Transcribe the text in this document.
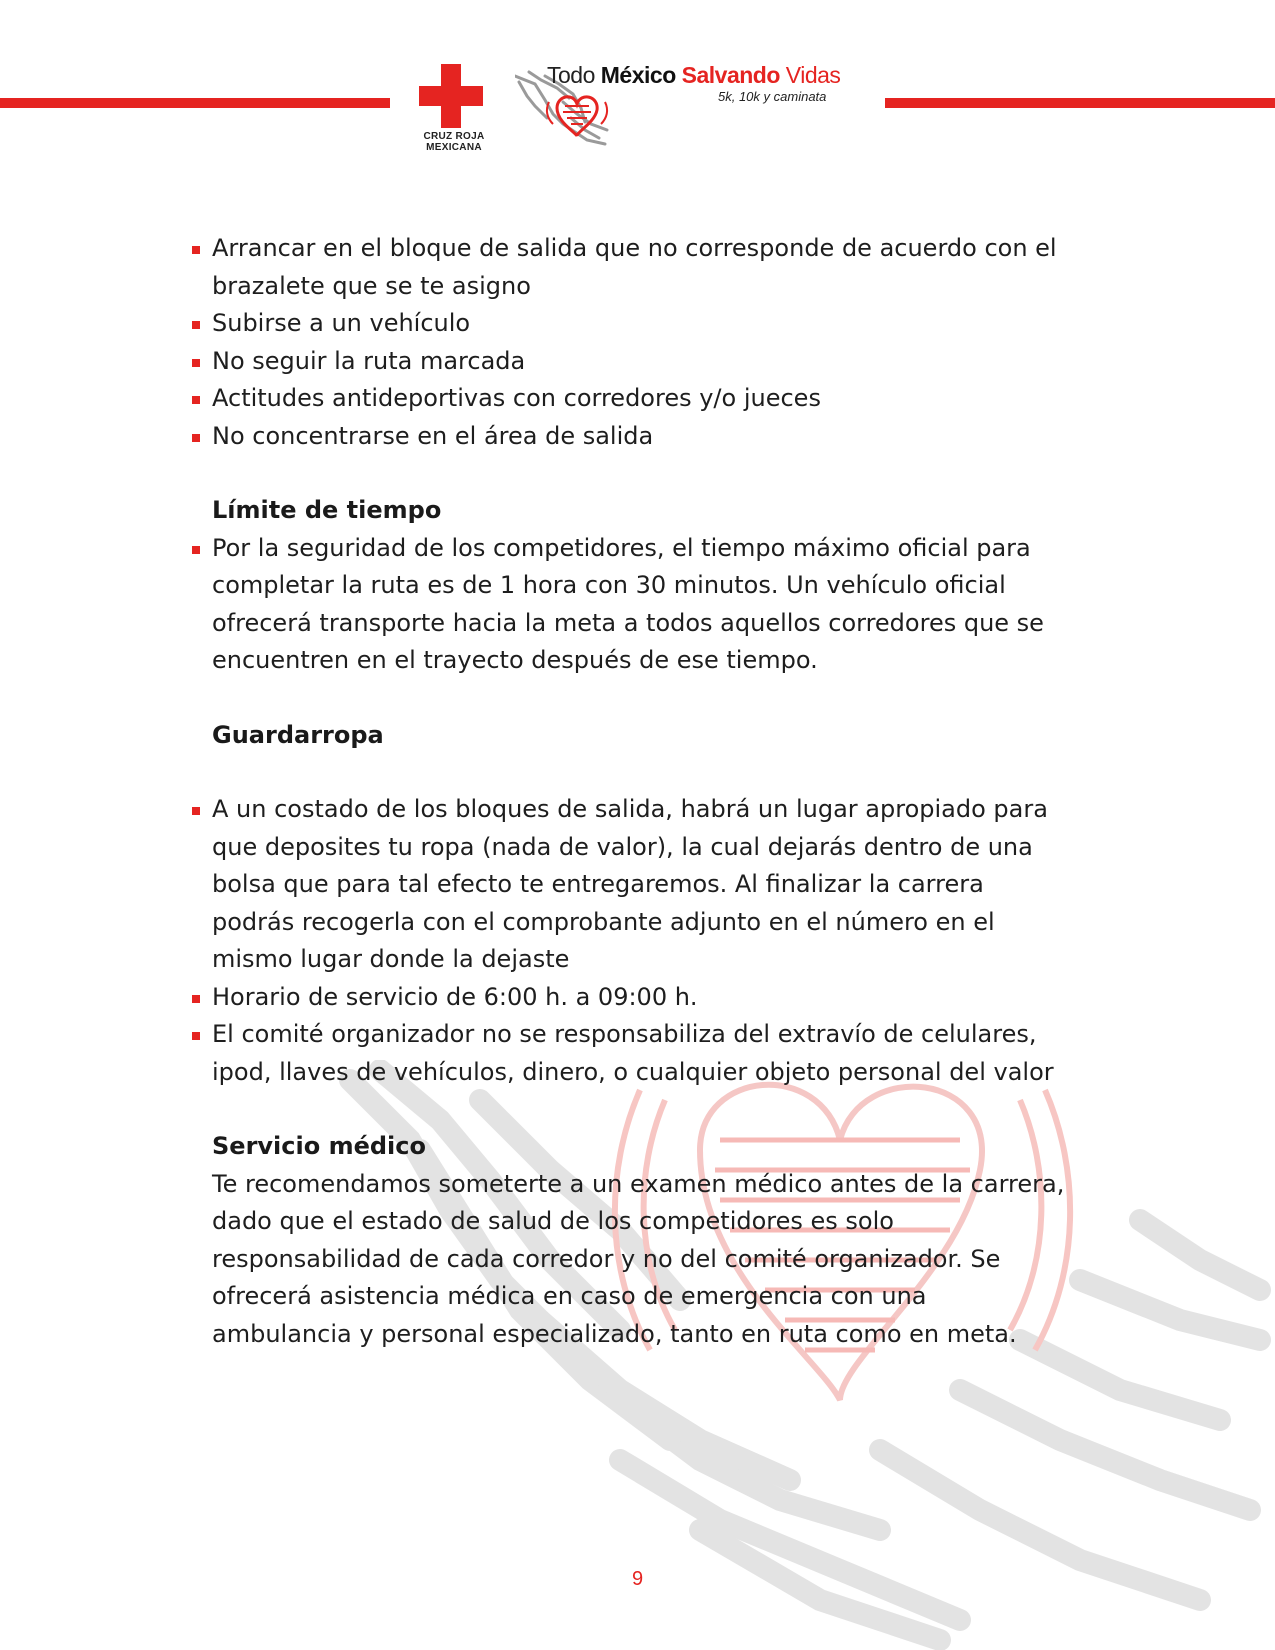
CRUZ ROJA
MEXICANA
Todo México Salvando Vidas
5k, 10k y caminata
Arrancar en el bloque de salida que no corresponde de acuerdo con el brazalete que se te asigno
Subirse a un vehículo
No seguir la ruta marcada
Actitudes antideportivas con corredores y/o jueces
No concentrarse en el área de salida
Límite de tiempo
Por la seguridad de los competidores, el tiempo máximo oficial para completar la ruta es de 1 hora con 30 minutos. Un vehículo oficial ofrecerá transporte hacia la meta a todos aquellos corredores que se encuentren en el trayecto después de ese tiempo.
Guardarropa
A un costado de los bloques de salida, habrá un lugar apropiado para que deposites tu ropa (nada de valor), la cual dejarás dentro de una bolsa que para tal efecto te entregaremos. Al finalizar la carrera podrás recogerla con el comprobante adjunto en el número en el mismo lugar donde la dejaste
Horario de servicio de 6:00 h. a 09:00 h.
El comité organizador no se responsabiliza del extravío de celulares, ipod, llaves de vehículos, dinero, o cualquier objeto personal del valor
Servicio médico
Te recomendamos someterte a un examen médico antes de la carrera, dado que el estado de salud de los competidores es solo responsabilidad de cada corredor y no del comité organizador. Se ofrecerá asistencia médica en caso de emergencia con una ambulancia y personal especializado, tanto en ruta como en meta.
9
